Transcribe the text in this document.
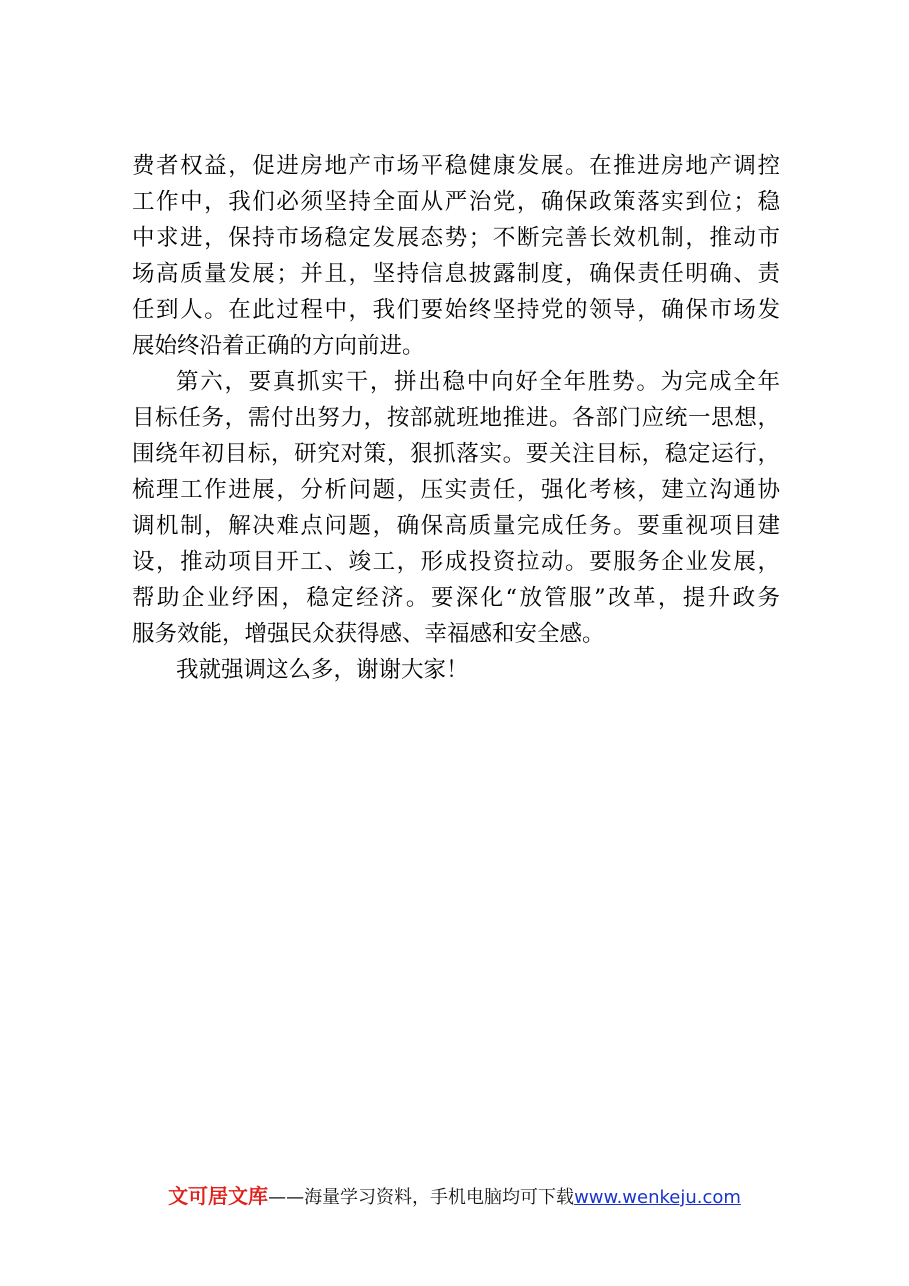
费者权益，促进房地产市场平稳健康发展。在推进房地产调控
工作中，我们必须坚持全面从严治党，确保政策落实到位；稳
中求进，保持市场稳定发展态势；不断完善长效机制，推动市
场高质量发展；并且，坚持信息披露制度，确保责任明确、责
任到人。在此过程中，我们要始终坚持党的领导，确保市场发
展始终沿着正确的方向前进。
第六，要真抓实干，拼出稳中向好全年胜势。为完成全年
目标任务，需付出努力，按部就班地推进。各部门应统一思想，
围绕年初目标，研究对策，狠抓落实。要关注目标，稳定运行，
梳理工作进展，分析问题，压实责任，强化考核，建立沟通协
调机制，解决难点问题，确保高质量完成任务。要重视项目建
设，推动项目开工、竣工，形成投资拉动。要服务企业发展，
帮助企业纾困，稳定经济。要深化“放管服”改革，提升政务
服务效能，增强民众获得感、幸福感和安全感。
我就强调这么多，谢谢大家！
文可居文库——海量学习资料，手机电脑均可下载www.wenkeju.com
